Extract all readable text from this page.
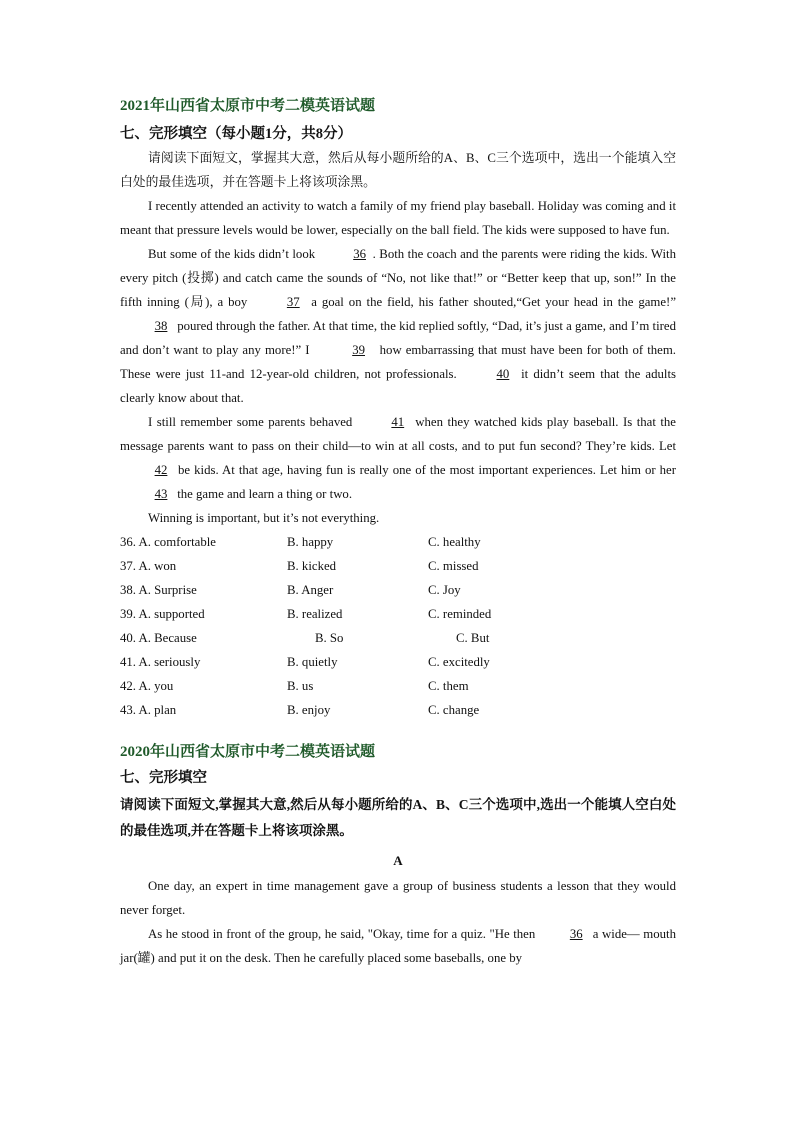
2021年山西省太原市中考二模英语试题
七、完形填空（每小题1分，共8分）

请阅读下面短文，掌握其大意，然后从每小题所给的A、B、C三个选项中，选出一个能填入空白处的最佳选项，并在答题卡上将该项涂黑。

I recently attended an activity to watch a family of my friend play baseball. Holiday was coming and it meant that pressure levels would be lower, especially on the ball field. The kids were supposed to have fun.

But some of the kids didn’t look	36 . Both the coach and the parents were riding the kids. With every pitch (投掷) and catch came the sounds of “No, not like that!” or “Better keep that up, son!” In the fifth inning (局), a boy	37 a goal on the field, his father shouted,“Get your head in the game!” 38 poured through the father. At that time, the kid replied softly, “Dad, it’s just a game, and I’m tired and don’t want to play any more!” I	39 how embarrassing that must have been for both of them. These were just 11-and 12-year-old children, not professionals.	40 it didn’t seem that the adults clearly know about that.

I still remember some parents behaved	41 when they watched kids play baseball. Is that the message parents want to pass on their child—to win at all costs, and to put fun second? They’re kids. Let 42 be kids. At that age, having fun is really one of the most important experiences. Let him or her 43 the game and learn a thing or two.

Winning is important, but it’s not everything.

36. A. comfortable	B. happy	C. healthy
37. A. won	B. kicked	C. missed
38. A. Surprise	B. Anger	C. Joy
39. A. supported	B. realized	C. reminded
40. A. Because	B. So	C. But
41. A. seriously	B. quietly	C. excitedly
42. A. you	B. us	C. them
43. A. plan	B. enjoy	C. change
2020年山西省太原市中考二模英语试题
七、完形填空

请阅读下面短文,掌握其大意,然后从每小题所给的A、B、C三个选项中,选出一个能填人空白处的最佳选项,并在答题卡上将该项涂黑。

A

One day, an expert in time management gave a group of business students a lesson that they would never forget.

As he stood in front of the group, he said, "Okay, time for a quiz. "He then	36 a wide— mouth jar(罐) and put it on the desk. Then he carefully placed some baseballs, one by
